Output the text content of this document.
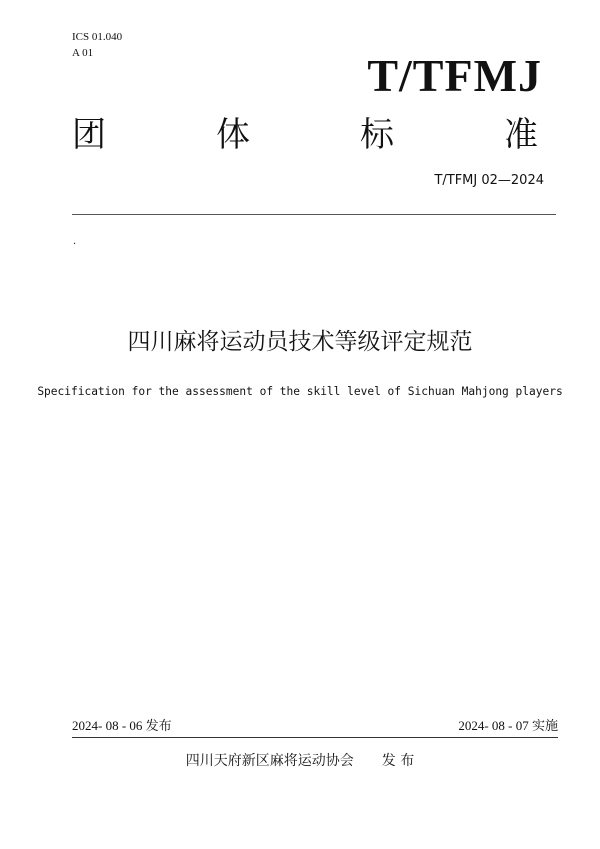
ICS 01.040
A 01	T/TFMJ
团	体	标	准
T/TFMJ 02—2024
.
四川麻将运动员技术等级评定规范
Specification for the assessment of the skill level of Sichuan Mahjong players
2024- 08 - 06 发布	2024- 08 - 07 实施
四川天府新区麻将运动协会 发 布
